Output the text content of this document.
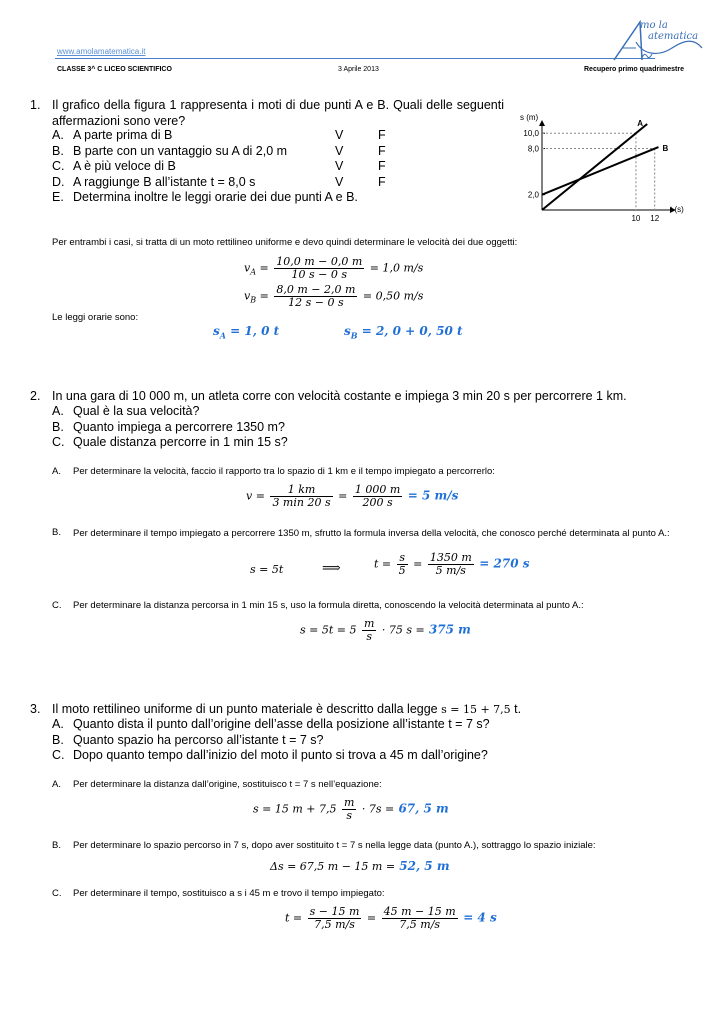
www.amolamatematica.it
mo la
atematica
CLASSE 3^ C LICEO SCIENTIFICO	3 Aprile 2013	Recupero primo quadrimestre
1. Il grafico della figura 1 rappresenta i moti di due punti A e B. Quali delle seguenti affermazioni sono vere?
A. A parte prima di B	V	F
B. B parte con un vantaggio su A di 2,0 m	V	F
C. A è più veloce di B	V	F
D. A raggiunge B all’istante t = 8,0 s	V	F
E. Determina inoltre le leggi orarie dei due punti A e B.
s (m)
t (s)
10,0
8,0
2,0
10 12
A
B
Per entrambi i casi, si tratta di un moto rettilineo uniforme e devo quindi determinare le velocità dei due oggetti:
$v_A = \frac{10,0 m - 0,0 m}{10 s - 0 s} = 1,0$ m/s
$v_B = \frac{8,0 m - 2,0 m}{12 s - 0 s} = 0,50$ m/s
Le leggi orarie sono:
$s_A = 1$, 0 t	$s_B = 2$, 0 + 0, 50 t
2. In una gara di 10 000 m, un atleta corre con velocità costante e impiega 3 min 20 s per percorrere 1 km.
A. Qual è la sua velocità?
B. Quanto impiega a percorrere 1350 m?
C. Quale distanza percorre in 1 min 15 s?
A. Per determinare la velocità, faccio il rapporto tra lo spazio di 1 km e il tempo impiegato a percorrerlo:
$v = \frac{1 km}{3 \min 20 s} = \frac{1 000 m}{200 s} = 5$ m/s
B. Per determinare il tempo impiegato a percorrere 1350 m, sfrutto la formula inversa della velocità, che conosco perché determinata al punto A.:
s = 5t	⟹	$t = \frac{s}{5} = \frac{1350 m}{5 m/s} = 270$ s
C. Per determinare la distanza percorsa in 1 min 15 s, uso la formula diretta, conoscendo la velocità determinata al punto A.:
$s = 5t = 5 \frac{m}{s} \cdot 75$ s = 375 m
3. Il moto rettilineo uniforme di un punto materiale è descritto dalla legge s = 15 + 7,5 t.
A. Quanto dista il punto dall’origine dell’asse della posizione all’istante t = 7 s?
B. Quanto spazio ha percorso all’istante t = 7 s?
C. Dopo quanto tempo dall’inizio del moto il punto si trova a 45 m dall’origine?
A. Per determinare la distanza dall’origine, sostituisco t = 7 s nell’equazione:
s = 15 $m + 7,5 \frac{m}{s} \cdot 7s = 67$, 5 m
B. Per determinare lo spazio percorso in 7 s, dopo aver sostituito t = 7 s nella legge data (punto A.), sottraggo lo spazio iniziale:
Δs = 67,5 m − 15 m = 52, 5 m
C. Per determinare il tempo, sostituisco a s i 45 m e trovo il tempo impiegato:
$t = \frac{s - 15 m}{7,5 m/s} = \frac{45 m - 15 m}{7,5 m/s} = 4$ s
